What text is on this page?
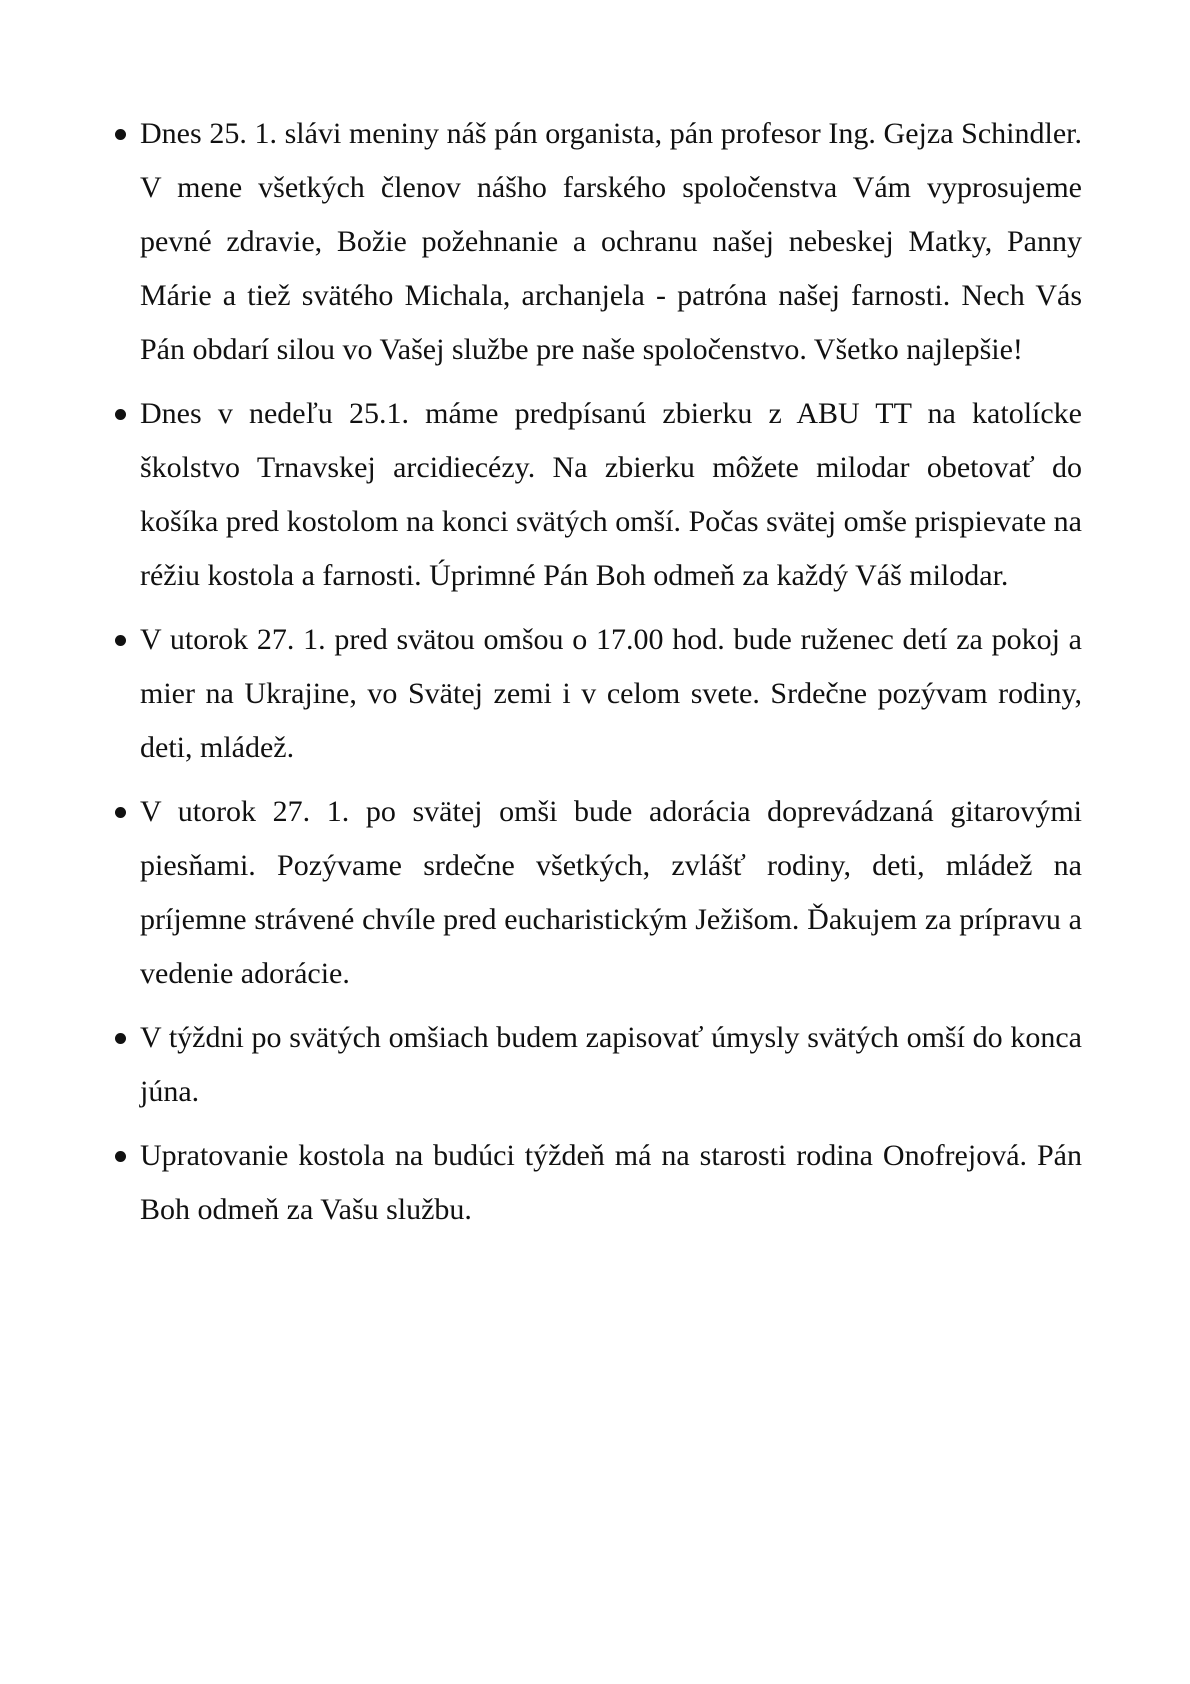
Dnes 25. 1. slávi meniny náš pán organista, pán profesor Ing. Gejza Schindler. V mene všetkých členov nášho farského spoločenstva Vám vyprosujeme pevné zdravie, Božie požehnanie a ochranu našej nebeskej Matky, Panny Márie a tiež svätého Michala, archanjela - patróna našej farnosti. Nech Vás Pán obdarí silou vo Vašej službe pre naše spoločenstvo. Všetko najlepšie!
Dnes v nedeľu 25.1. máme predpísanú zbierku z ABU TT na katolícke školstvo Trnavskej arcidiecézy. Na zbierku môžete milodar obetovať do košíka pred kostolom na konci svätých omší. Počas svätej omše prispievate na réžiu kostola a farnosti. Úprimné Pán Boh odmeň za každý Váš milodar.
V utorok 27. 1. pred svätou omšou o 17.00 hod. bude ruženec detí za pokoj a mier na Ukrajine, vo Svätej zemi i v celom svete. Srdečne pozývam rodiny, deti, mládež.
V utorok 27. 1. po svätej omši bude adorácia doprevádzaná gitarovými piesňami. Pozývame srdečne všetkých, zvlášť rodiny, deti, mládež na príjemne strávené chvíle pred eucharistickým Ježišom. Ďakujem za prípravu a vedenie adorácie.
V týždni po svätých omšiach budem zapisovať úmysly svätých omší do konca júna.
Upratovanie kostola na budúci týždeň má na starosti rodina Onofrejová. Pán Boh odmeň za Vašu službu.
